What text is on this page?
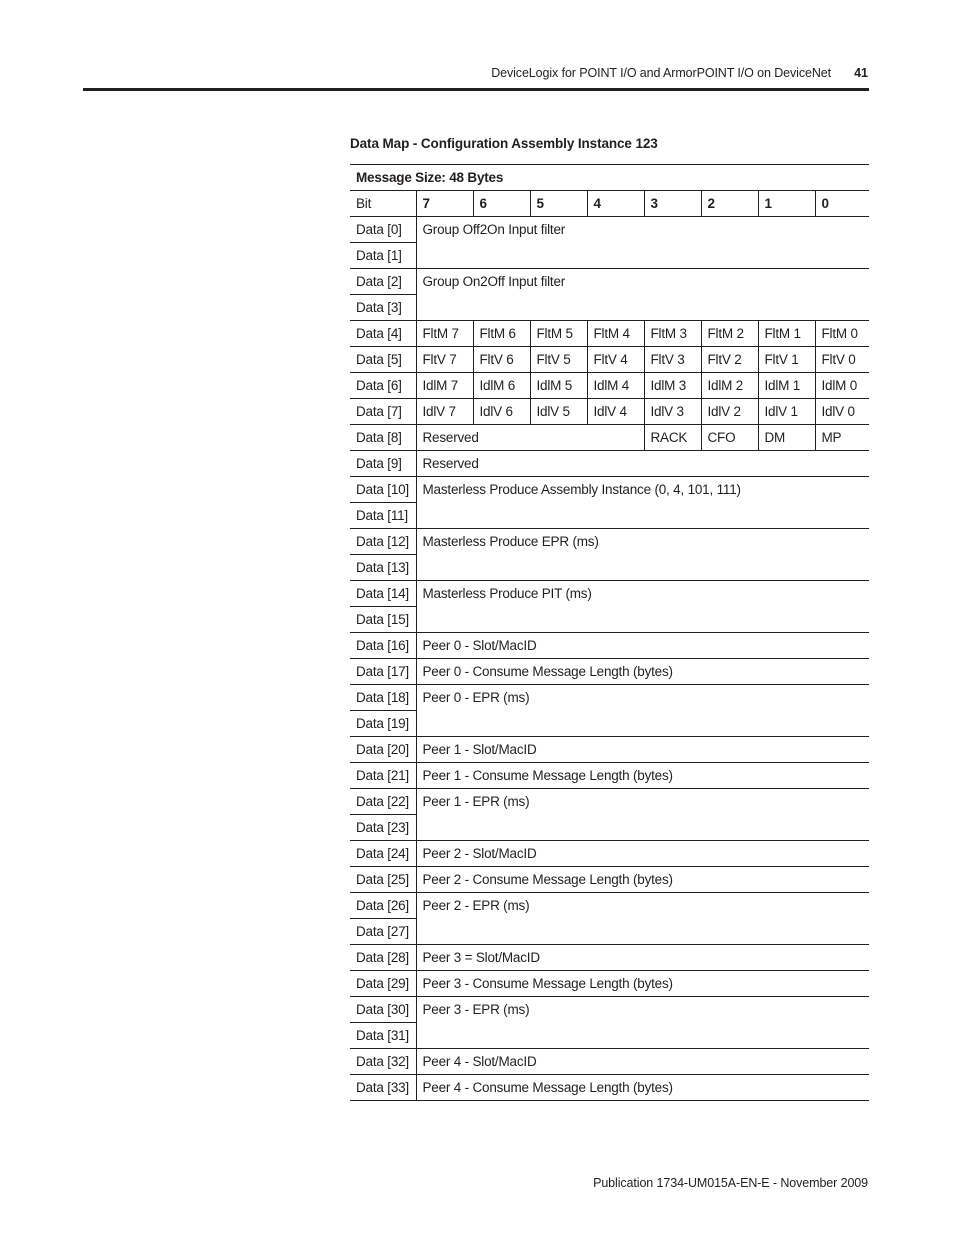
DeviceLogix for POINT I/O and ArmorPOINT I/O on DeviceNet 41
Data Map - Configuration Assembly Instance 123
Message Size: 48 Bytes								
Bit	7	6	5	4	3	2	1	0
Data [0]	Group Off2On Input filter							
Data [1]								
Data [2]	Group On2Off Input filter							
Data [3]								
Data [4]	FltM 7	FltM 6	FltM 5	FltM 4	FltM 3	FltM 2	FltM 1	FltM 0
Data [5]	FltV 7	FltV 6	FltV 5	FltV 4	FltV 3	FltV 2	FltV 1	FltV 0
Data [6]	IdlM 7	IdlM 6	IdlM 5	IdlM 4	IdlM 3	IdlM 2	IdlM 1	IdlM 0
Data [7]	IdlV 7	IdlV 6	IdlV 5	IdlV 4	IdlV 3	IdlV 2	IdlV 1	IdlV 0
Data [8]	Reserved				RACK	CFO	DM	MP
Data [9]	Reserved							
Data [10]	Masterless Produce Assembly Instance (0, 4, 101, 111)							
Data [11]								
Data [12]	Masterless Produce EPR (ms)							
Data [13]								
Data [14]	Masterless Produce PIT (ms)							
Data [15]								
Data [16]	Peer 0 - Slot/MacID							
Data [17]	Peer 0 - Consume Message Length (bytes)							
Data [18]	Peer 0 - EPR (ms)							
Data [19]								
Data [20]	Peer 1 - Slot/MacID							
Data [21]	Peer 1 - Consume Message Length (bytes)							
Data [22]	Peer 1 - EPR (ms)							
Data [23]								
Data [24]	Peer 2 - Slot/MacID							
Data [25]	Peer 2 - Consume Message Length (bytes)							
Data [26]	Peer 2 - EPR (ms)							
Data [27]								
Data [28]	Peer 3 = Slot/MacID							
Data [29]	Peer 3 - Consume Message Length (bytes)							
Data [30]	Peer 3 - EPR (ms)							
Data [31]								
Data [32]	Peer 4 - Slot/MacID							
Data [33]	Peer 4 - Consume Message Length (bytes)							
Publication 1734-UM015A-EN-E - November 2009
